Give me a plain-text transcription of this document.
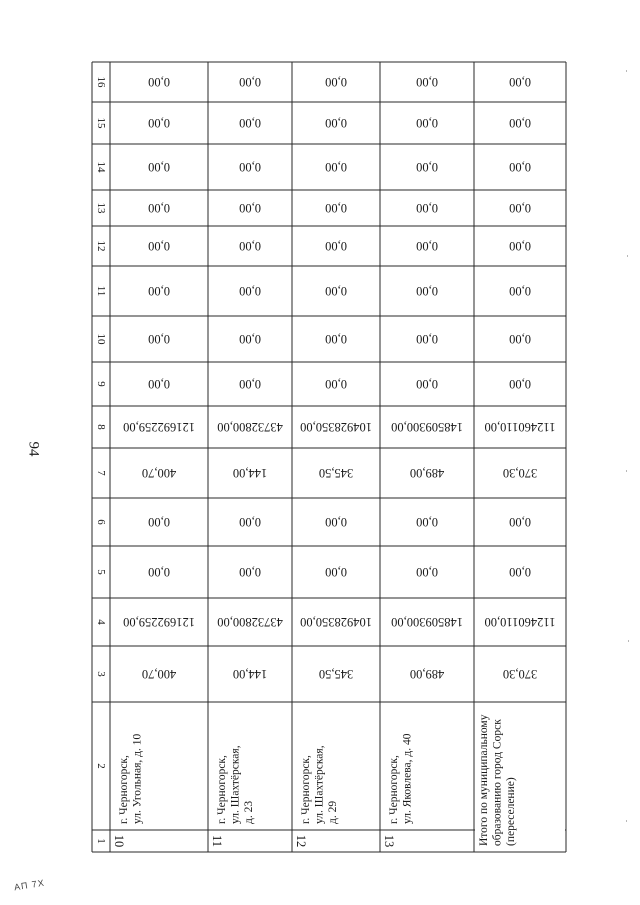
94
АП 7Х
1
2
3
4
5
6
7
8
9
10
11
12
13
14
15
16
10
г. Черногорск, ул. Угольная, д. 10
400,70
121692259,00
0,00
0,00
400,70
121692259,00
0,00
0,00
0,00
0,00
0,00
0,00
0,00
0,00
11
г. Черногорск, ул. Шахтёрская, д. 23
144,00
43732800,00
0,00
0,00
144,00
43732800,00
0,00
0,00
0,00
0,00
0,00
0,00
0,00
0,00
12
г. Черногорск, ул. Шахтёрская, д. 29
345,50
104928350,00
0,00
0,00
345,50
104928350,00
0,00
0,00
0,00
0,00
0,00
0,00
0,00
0,00
13
г. Черногорск, ул. Яковлева, д. 40
489,00
148509300,00
0,00
0,00
489,00
148509300,00
0,00
0,00
0,00
0,00
0,00
0,00
0,00
0,00
Итого по муниципальному образованию город Сорск (переселение)
370,30
112460110,00
0,00
0,00
370,30
112460110,00
0,00
0,00
0,00
0,00
0,00
0,00
0,00
0,00
